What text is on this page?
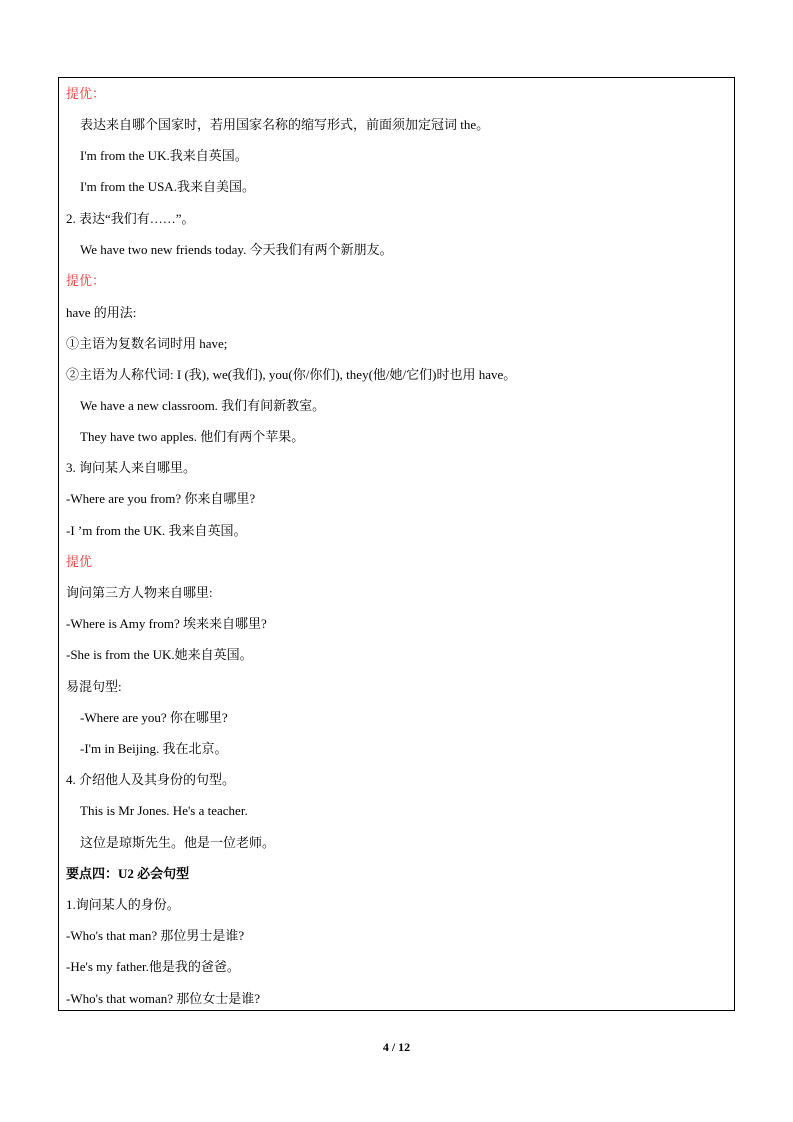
提优：
表达来自哪个国家时，若用国家名称的缩写形式，前面须加定冠词 the。
I'm from the UK.我来自英国。
I'm from the USA.我来自美国。
2. 表达“我们有……”。
We have two new friends today. 今天我们有两个新朋友。
提优：
have 的用法:
①主语为复数名词时用 have;
②主语为人称代词: I (我), we(我们), you(你/你们), they(他/她/它们)时也用 have。
We have a new classroom. 我们有间新教室。
They have two apples. 他们有两个苹果。
3. 询问某人来自哪里。
-Where are you from? 你来自哪里?
-I ’m from the UK. 我来自英国。
提优
询问第三方人物来自哪里:
-Where is Amy from? 埃来来自哪里?
-She is from the UK.她来自英国。
易混句型:
-Where are you? 你在哪里?
-I'm in Beijing. 我在北京。
4. 介绍他人及其身份的句型。
This is Mr Jones. He's a teacher.
这位是琼斯先生。他是一位老师。
要点四：U2 必会句型
1.询问某人的身份。
-Who's that man? 那位男士是谁?
-He's my father.他是我的爸爸。
-Who's that woman? 那位女士是谁?
4 / 12
